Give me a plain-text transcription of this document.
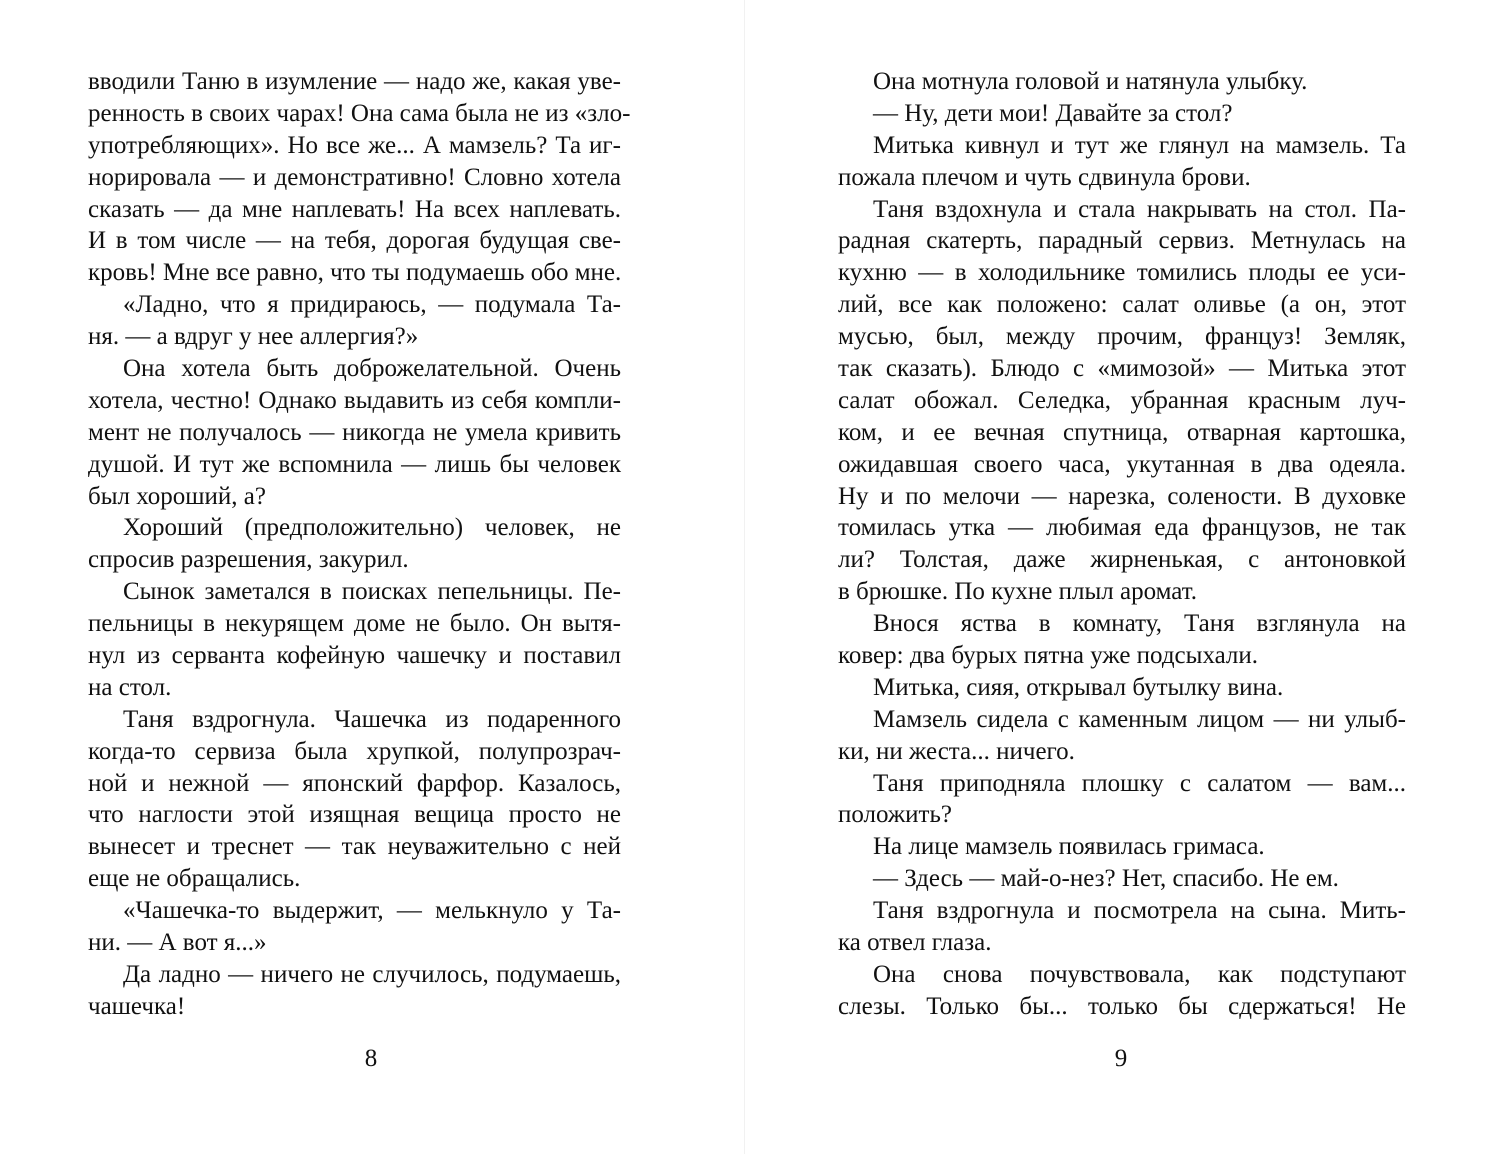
вводили Таню в изумление — надо же, какая уве-
ренность в своих чарах! Она сама была не из «зло-
употребляющих». Но все же... А мамзель? Та иг-
норировала — и демонстративно! Словно хотела
сказать — да мне наплевать! На всех наплевать.
И в том числе — на тебя, дорогая будущая све-
кровь! Мне все равно, что ты подумаешь обо мне.
«Ладно, что я придираюсь, — подумала Та-
ня. — а вдруг у нее аллергия?»
Она хотела быть доброжелательной. Очень
хотела, честно! Однако выдавить из себя компли-
мент не получалось — никогда не умела кривить
душой. И тут же вспомнила — лишь бы человек
был хороший, а?
Хороший (предположительно) человек, не
спросив разрешения, закурил.
Сынок заметался в поисках пепельницы. Пе-
пельницы в некурящем доме не было. Он вытя-
нул из серванта кофейную чашечку и поставил
на стол.
Таня вздрогнула. Чашечка из подаренного
когда-то сервиза была хрупкой, полупрозрач-
ной и нежной — японский фарфор. Казалось,
что наглости этой изящная вещица просто не
вынесет и треснет — так неуважительно с ней
еще не обращались.
«Чашечка-то выдержит, — мелькнуло у Та-
ни. — А вот я...»
Да ладно — ничего не случилось, подумаешь,
чашечка!
8
Она мотнула головой и натянула улыбку.
— Ну, дети мои! Давайте за стол?
Митька кивнул и тут же глянул на мамзель. Та
пожала плечом и чуть сдвинула брови.
Таня вздохнула и стала накрывать на стол. Па-
радная скатерть, парадный сервиз. Метнулась на
кухню — в холодильнике томились плоды ее уси-
лий, все как положено: салат оливье (а он, этот
мусью, был, между прочим, француз! Земляк,
так сказать). Блюдо с «мимозой» — Митька этот
салат обожал. Селедка, убранная красным луч-
ком, и ее вечная спутница, отварная картошка,
ожидавшая своего часа, укутанная в два одеяла.
Ну и по мелочи — нарезка, солености. В духовке
томилась утка — любимая еда французов, не так
ли? Толстая, даже жирненькая, с антоновкой
в брюшке. По кухне плыл аромат.
Внося яства в комнату, Таня взглянула на
ковер: два бурых пятна уже подсыхали.
Митька, сияя, открывал бутылку вина.
Мамзель сидела с каменным лицом — ни улыб-
ки, ни жеста... ничего.
Таня приподняла плошку с салатом — вам...
положить?
На лице мамзель появилась гримаса.
— Здесь — май-о-нез? Нет, спасибо. Не ем.
Таня вздрогнула и посмотрела на сына. Мить-
ка отвел глаза.
Она снова почувствовала, как подступают
слезы. Только бы... только бы сдержаться! Не
9
